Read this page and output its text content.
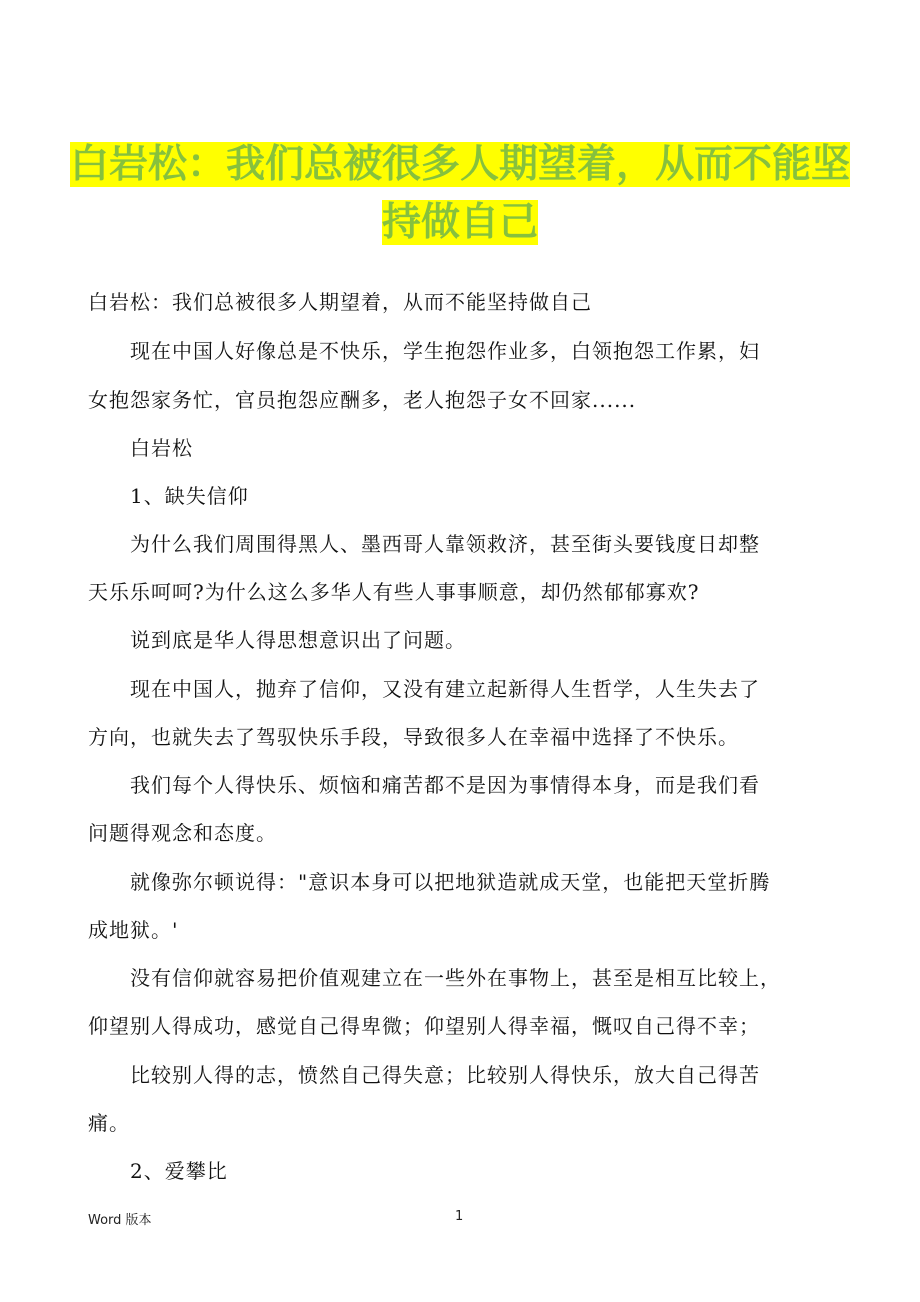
白岩松：我们总被很多人期望着，从而不能坚
持做自己
白岩松：我们总被很多人期望着，从而不能坚持做自己
现在中国人好像总是不快乐，学生抱怨作业多，白领抱怨工作累，妇
女抱怨家务忙，官员抱怨应酬多，老人抱怨子女不回家......
白岩松
1、缺失信仰
为什么我们周围得黑人、墨西哥人靠领救济，甚至街头要钱度日却整
天乐乐呵呵?为什么这么多华人有些人事事顺意，却仍然郁郁寡欢?
说到底是华人得思想意识出了问题。
现在中国人，抛弃了信仰，又没有建立起新得人生哲学，人生失去了
方向，也就失去了驾驭快乐手段，导致很多人在幸福中选择了不快乐。
我们每个人得快乐、烦恼和痛苦都不是因为事情得本身，而是我们看
问题得观念和态度。
就像弥尔顿说得："意识本身可以把地狱造就成天堂，也能把天堂折腾
成地狱。'
没有信仰就容易把价值观建立在一些外在事物上，甚至是相互比较上，
仰望别人得成功，感觉自己得卑微；仰望别人得幸福，慨叹自己得不幸；
比较别人得的志，愤然自己得失意；比较别人得快乐，放大自己得苦
痛。
2、爱攀比
Word 版本	1
